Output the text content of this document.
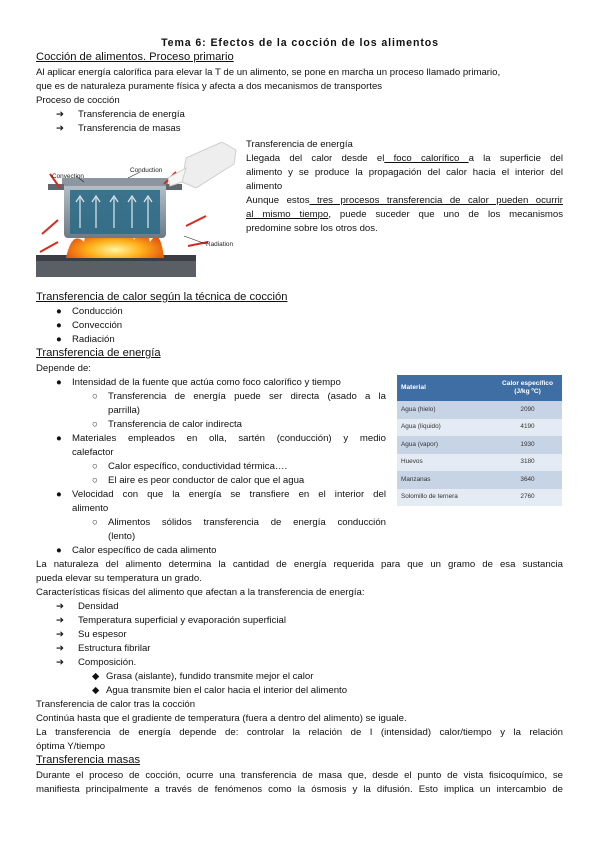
Tema 6: Efectos de la cocción de los alimentos
Cocción de alimentos. Proceso primario
Al aplicar energía calorífica para elevar la T de un alimento, se pone en marcha un proceso llamado primario,
que es de naturaleza puramente física y afecta a dos mecanismos de transportes
Proceso de cocción
➔ Transferencia de energía
➔ Transferencia de masas
Convection
Conduction
Radiation
Transferencia de energía
Llegada del calor desde el foco calorífico a la superficie del
alimento y se produce la propagación del calor hacia el interior del
alimento
Aunque estos tres procesos transferencia de calor pueden ocurrir
al mismo tiempo, puede suceder que uno de los mecanismos
predomine sobre los otros dos.
Transferencia de calor según la técnica de cocción
● Conducción
● Convección
● Radiación
Transferencia de energía
Depende de:
● Intensidad de la fuente que actúa como foco calorífico y tiempo
○ Transferencia de energía puede ser directa (asado a la
parrilla)
○ Transferencia de calor indirecta
● Materiales empleados en olla, sartén (conducción) y medio
calefactor
○ Calor específico, conductividad térmica….
○ El aire es peor conductor de calor que el agua
● Velocidad con que la energía se transfiere en el interior del
alimento
○ Alimentos sólidos transferencia de energía conducción
(lento)
● Calor específico de cada alimento
Material
Calor específico
(J/kg ºC)
Agua (hielo)	2090
Agua (líquido)	4190
Agua (vapor)	1930
Huevos	3180
Manzanas	3640
Solomillo de ternera	2760
La naturaleza del alimento determina la cantidad de energía requerida para que un gramo de esa sustancia
pueda elevar su temperatura un grado.
Características físicas del alimento que afectan a la transferencia de energía:
➔ Densidad
➔ Temperatura superficial y evaporación superficial
➔ Su espesor
➔ Estructura fibrilar
➔ Composición.
◆ Grasa (aislante), fundido transmite mejor el calor
◆ Agua transmite bien el calor hacia el interior del alimento
Transferencia de calor tras la cocción
Continúa hasta que el gradiente de temperatura (fuera a dentro del alimento) se iguale.
La transferencia de energía depende de: controlar la relación de I (intensidad) calor/tiempo y la relación
óptima Y/tiempo
Transferencia masas
Durante el proceso de cocción, ocurre una transferencia de masa que, desde el punto de vista fisicoquímico, se
manifiesta principalmente a través de fenómenos como la ósmosis y la difusión. Esto implica un intercambio de
